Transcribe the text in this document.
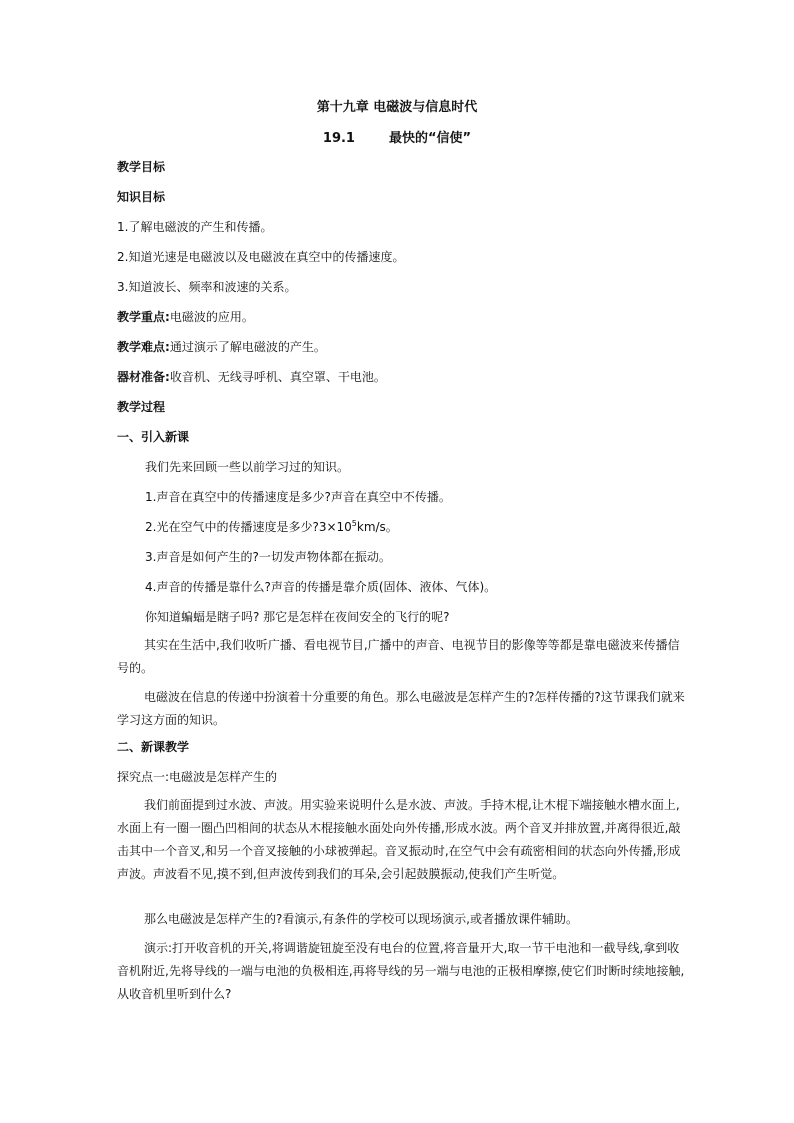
第十九章 电磁波与信息时代
19.1	最快的“信使”
教学目标
知识目标
1.了解电磁波的产生和传播。
2.知道光速是电磁波以及电磁波在真空中的传播速度。
3.知道波长、频率和波速的关系。
教学重点:电磁波的应用。
教学难点:通过演示了解电磁波的产生。
器材准备:收音机、无线寻呼机、真空罩、干电池。
教学过程
一、引入新课
我们先来回顾一些以前学习过的知识。
1.声音在真空中的传播速度是多少?声音在真空中不传播。
2.光在空气中的传播速度是多少$?3\times 10^5km/s$。
3.声音是如何产生的?一切发声物体都在振动。
4.声音的传播是靠什么?声音的传播是靠介质(固体、液体、气体)。
你知道蝙蝠是瞎子吗? 那它是怎样在夜间安全的飞行的呢?
其实在生活中,我们收听广播、看电视节目,广播中的声音、电视节目的影像等等都是靠电磁波来传播信号的。
电磁波在信息的传递中扮演着十分重要的角色。那么电磁波是怎样产生的?怎样传播的?这节课我们就来学习这方面的知识。
二、新课教学
探究点一:电磁波是怎样产生的
我们前面提到过水波、声波。用实验来说明什么是水波、声波。手持木棍,让木棍下端接触水槽水面上,水面上有一圈一圈凸凹相间的状态从木棍接触水面处向外传播,形成水波。两个音叉并排放置,并离得很近,敲击其中一个音叉,和另一个音叉接触的小球被弹起。音叉振动时,在空气中会有疏密相间的状态向外传播,形成声波。声波看不见,摸不到,但声波传到我们的耳朵,会引起鼓膜振动,使我们产生听觉。
那么电磁波是怎样产生的?看演示,有条件的学校可以现场演示,或者播放课件辅助。
演示:打开收音机的开关,将调谐旋钮旋至没有电台的位置,将音量开大,取一节干电池和一截导线,拿到收音机附近,先将导线的一端与电池的负极相连,再将导线的另一端与电池的正极相摩擦,使它们时断时续地接触,从收音机里听到什么?
